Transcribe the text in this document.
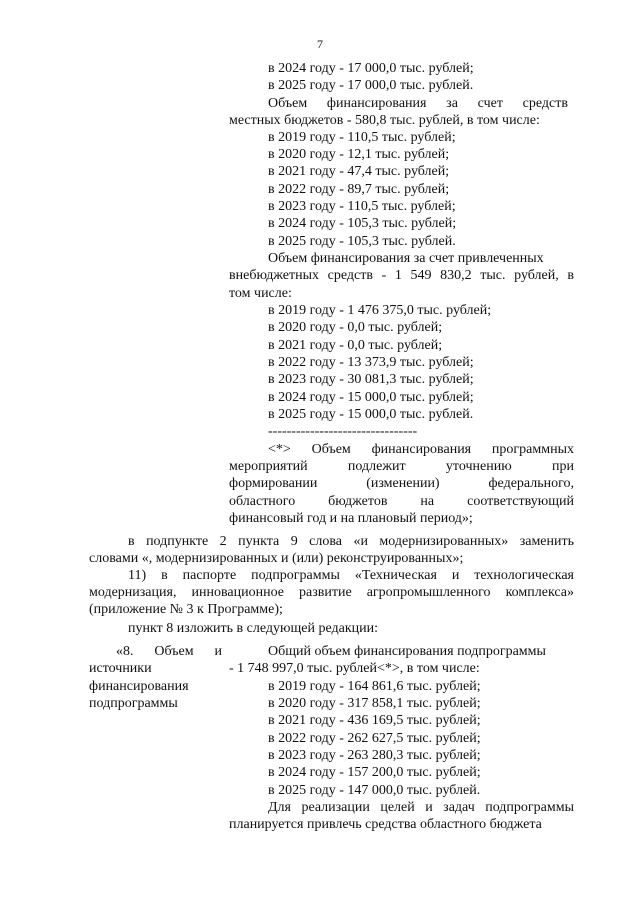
7
в 2024 году - 17 000,0 тыс. рублей;
в 2025 году - 17 000,0 тыс. рублей.
Объем финансирования за счет средств
местных бюджетов - 580,8 тыс. рублей, в том числе:
в 2019 году - 110,5 тыс. рублей;
в 2020 году - 12,1 тыс. рублей;
в 2021 году - 47,4 тыс. рублей;
в 2022 году - 89,7 тыс. рублей;
в 2023 году - 110,5 тыс. рублей;
в 2024 году - 105,3 тыс. рублей;
в 2025 году - 105,3 тыс. рублей.
Объем финансирования за счет привлеченных
внебюджетных средств - 1 549 830,2 тыс. рублей, в
том числе:
в 2019 году - 1 476 375,0 тыс. рублей;
в 2020 году - 0,0 тыс. рублей;
в 2021 году - 0,0 тыс. рублей;
в 2022 году - 13 373,9 тыс. рублей;
в 2023 году - 30 081,3 тыс. рублей;
в 2024 году - 15 000,0 тыс. рублей;
в 2025 году - 15 000,0 тыс. рублей.
--------------------------------
<*> Объем финансирования программных
мероприятий подлежит уточнению при
формировании (изменении) федерального,
областного бюджетов на соответствующий
финансовый год и на плановый период»;
в подпункте 2 пункта 9 слова «и модернизированных» заменить
словами «, модернизированных и (или) реконструированных»;
11) в паспорте подпрограммы «Техническая и технологическая
модернизация, инновационное развитие агропромышленного комплекса»
(приложение № 3 к Программе);
пункт 8 изложить в следующей редакции:
«8. Объем и
источники
финансирования
подпрограммы
Общий объем финансирования подпрограммы
- 1 748 997,0 тыс. рублей<*>, в том числе:
в 2019 году - 164 861,6 тыс. рублей;
в 2020 году - 317 858,1 тыс. рублей;
в 2021 году - 436 169,5 тыс. рублей;
в 2022 году - 262 627,5 тыс. рублей;
в 2023 году - 263 280,3 тыс. рублей;
в 2024 году - 157 200,0 тыс. рублей;
в 2025 году - 147 000,0 тыс. рублей.
Для реализации целей и задач подпрограммы
планируется привлечь средства областного бюджета
